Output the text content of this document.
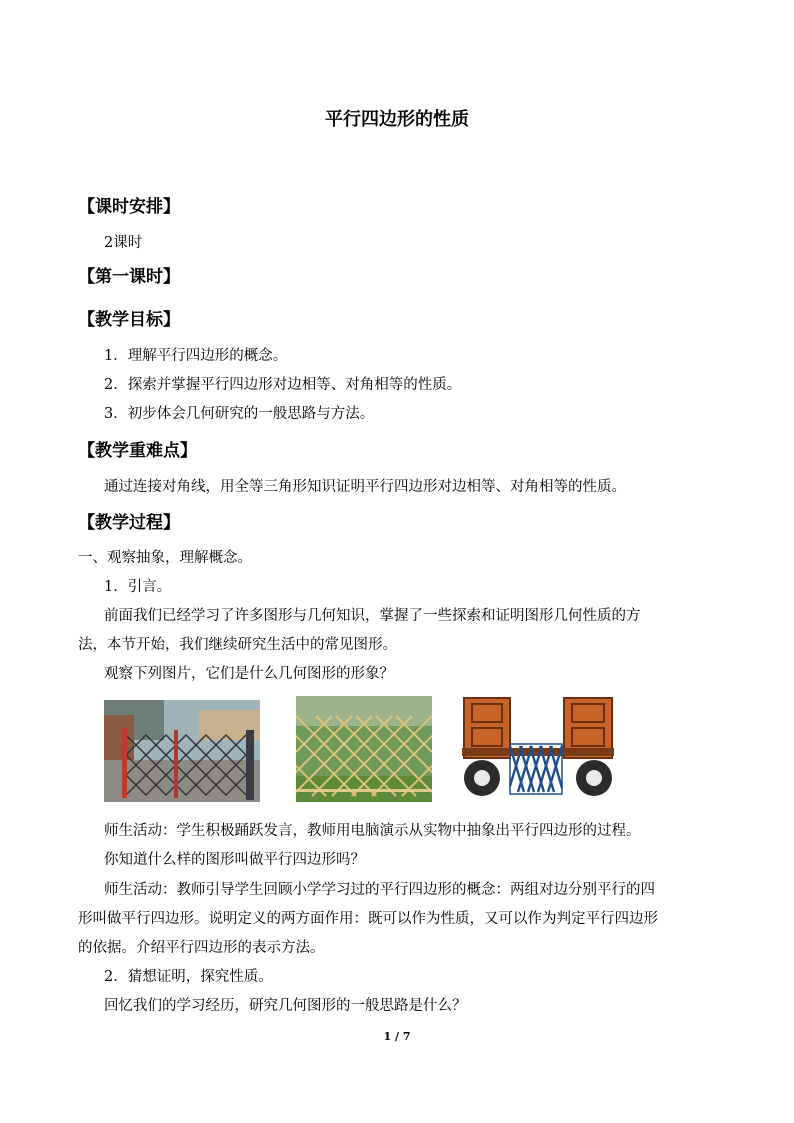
平行四边形的性质
【课时安排】
2课时
【第一课时】
【教学目标】
1．理解平行四边形的概念。
2．探索并掌握平行四边形对边相等、对角相等的性质。
3．初步体会几何研究的一般思路与方法。
【教学重难点】
通过连接对角线，用全等三角形知识证明平行四边形对边相等、对角相等的性质。
【教学过程】
一、观察抽象，理解概念。
1．引言。
前面我们已经学习了许多图形与几何知识，掌握了一些探索和证明图形几何性质的方
法，本节开始，我们继续研究生活中的常见图形。
观察下列图片，它们是什么几何图形的形象？
师生活动：学生积极踊跃发言，教师用电脑演示从实物中抽象出平行四边形的过程。
你知道什么样的图形叫做平行四边形吗？
师生活动：教师引导学生回顾小学学习过的平行四边形的概念：两组对边分别平行的四
形叫做平行四边形。说明定义的两方面作用：既可以作为性质，又可以作为判定平行四边形
的依据。介绍平行四边形的表示方法。
2．猜想证明，探究性质。
回忆我们的学习经历，研究几何图形的一般思路是什么？
1 / 7
